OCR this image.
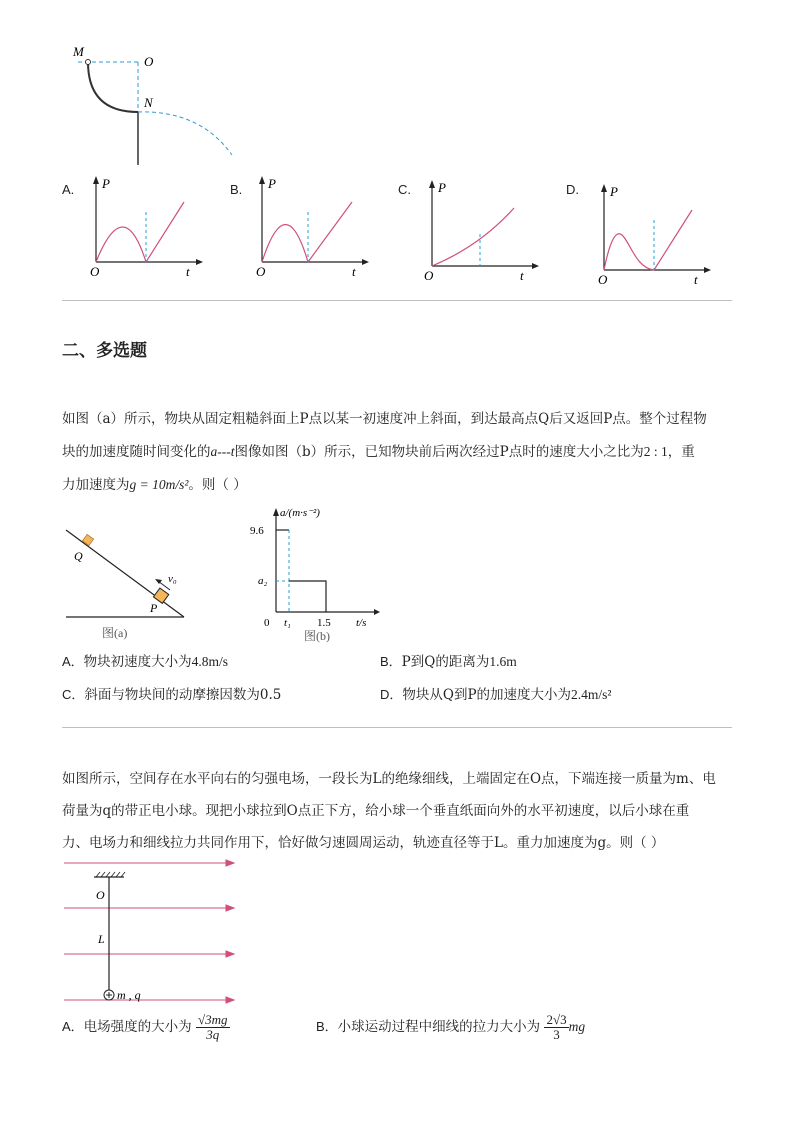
M
O
N
A. P
O	t
B. P
O	t
C. P
O	t
D. P
O	t
二、多选题
如图（a）所示，物块从固定粗糙斜面上P点以某一初速度冲上斜面，到达最高点Q后又返回P点。整个过程物
块的加速度随时间变化的a---t图像如图（b）所示，已知物块前后两次经过P点时的速度大小之比为2 : 1，重
力加速度为g = 10m/s²。则（ ）
Q
P
v₀
图(a)
a/(m·s⁻²)
9.6
a₂
0 t₁ 1.5 t/s
图(b)
A．物块初速度大小为4.8m/s	B．P到Q的距离为1.6m
C．斜面与物块间的动摩擦因数为0.5	D．物块从Q到P的加速度大小为2.4m/s²
如图所示，空间存在水平向右的匀强电场，一段长为L的绝缘细线，上端固定在O点，下端连接一质量为m、电
荷量为q的带正电小球。现把小球拉到O点正下方，给小球一个垂直纸面向外的水平初速度，以后小球在重
力、电场力和细线拉力共同作用下，恰好做匀速圆周运动，轨迹直径等于L。重力加速度为g。则（ ）
O
L
m , q
A．电场强度的大小为 $\frac{√3mg}{3q}$	B．小球运动过程中细线的拉力大小为 $\frac{2√3}{3}$ mg
